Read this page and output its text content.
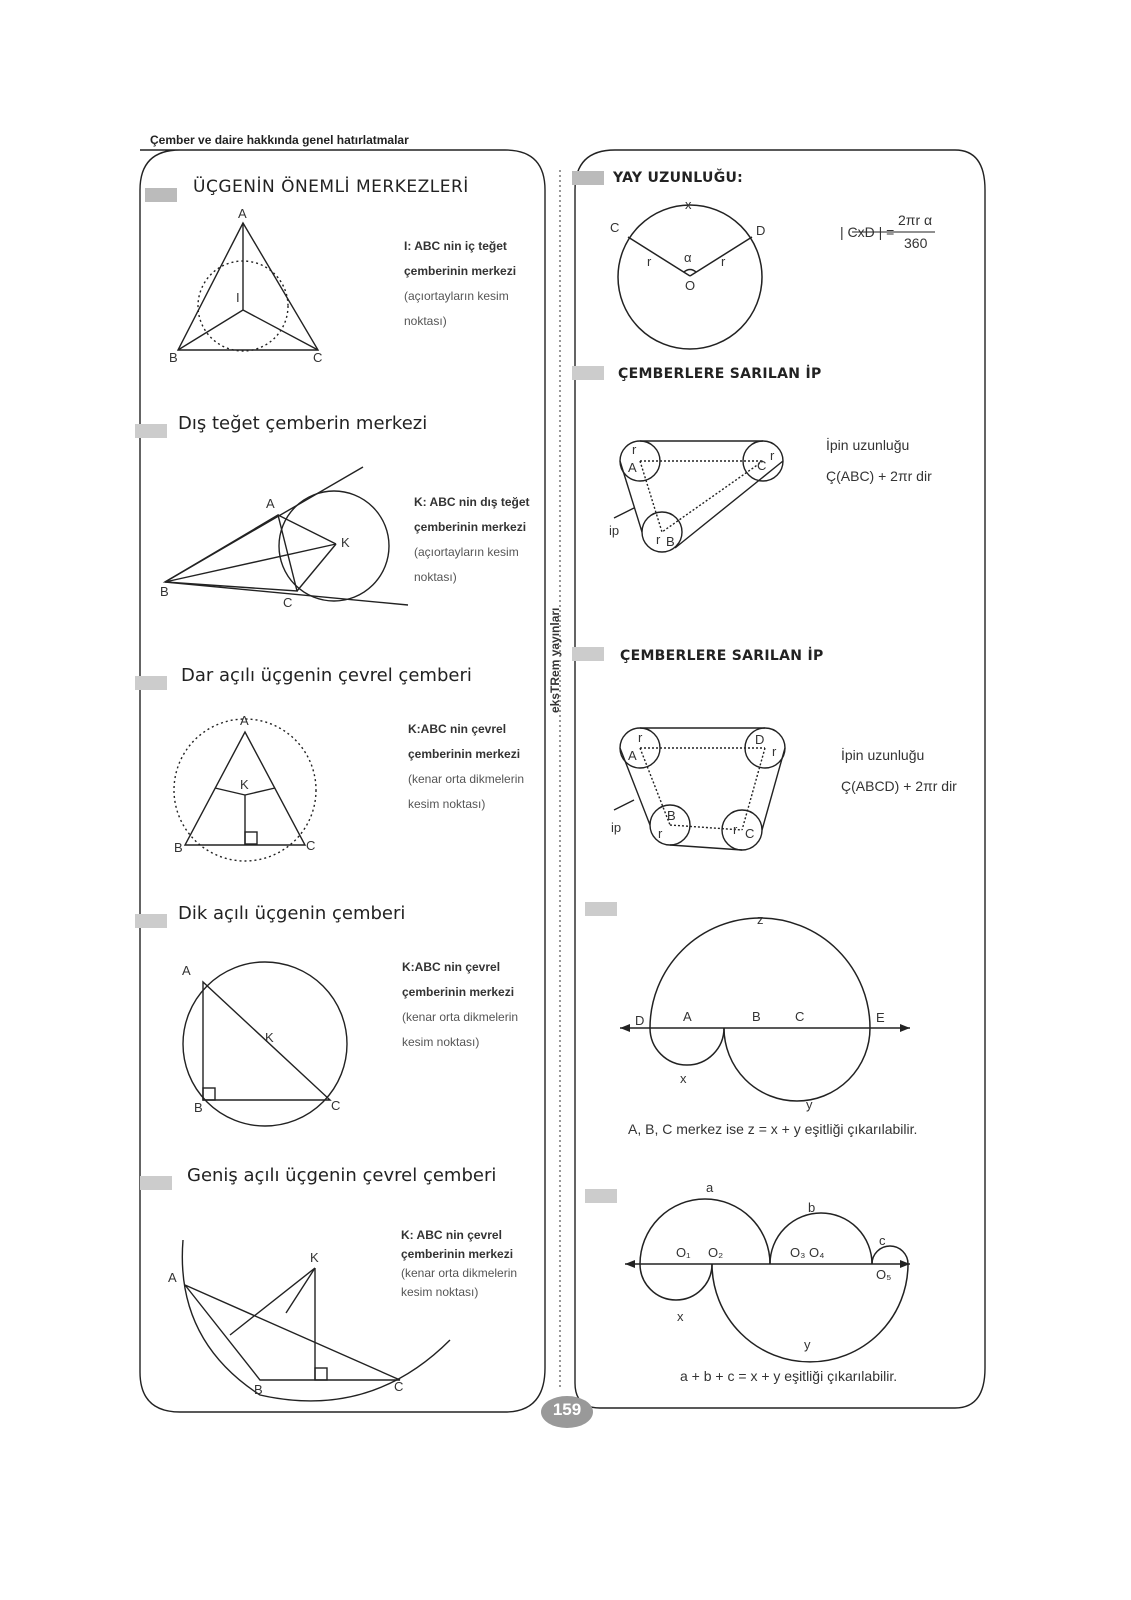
Çember ve daire hakkında genel hatırlatmalar
ÜÇGENİN ÖNEMLİ MERKEZLERİ
A
B	C
I
I: ABC nin iç teğet
çemberinin merkezi
(açıortayların kesim
noktası)
Dış teğet çemberin merkezi
A
B
C
K
K: ABC nin dış teğet
çemberinin merkezi
(açıortayların kesim
noktası)
Dar açılı üçgenin çevrel çemberi
A
B	C
K
K:ABC nin çevrel
çemberinin merkezi
(kenar orta dikmelerin
kesim noktası)
Dik açılı üçgenin çemberi
A
B	C
K
K:ABC nin çevrel
çemberinin merkezi
(kenar orta dikmelerin
kesim noktası)
Geniş açılı üçgenin çevrel çemberi
A
B	C
K
K: ABC nin çevrel
çemberinin merkezi
(kenar orta dikmelerin
kesim noktası)
eksTRem yayınları
159
YAY UZUNLUĞU:
x
C	D
r	r
α
O
| CxD | =
2πr α
360
ÇEMBERLERE SARILAN İP
r
A	C
r
r B
ip
İpin uzunluğu
Ç(ABC) + 2πr dir
ÇEMBERLERE SARILAN İP
r
A
D
r
B
r	r C
ip
İpin uzunluğu
Ç(ABCD) + 2πr dir
z
D	A	B	C	E
x
y
A, B, C merkez ise z = x + y eşitliği çıkarılabilir.
a
b
c
O₁ O₂	O₃ O₄
O₅
x
y
a + b + c = x + y eşitliği çıkarılabilir.
